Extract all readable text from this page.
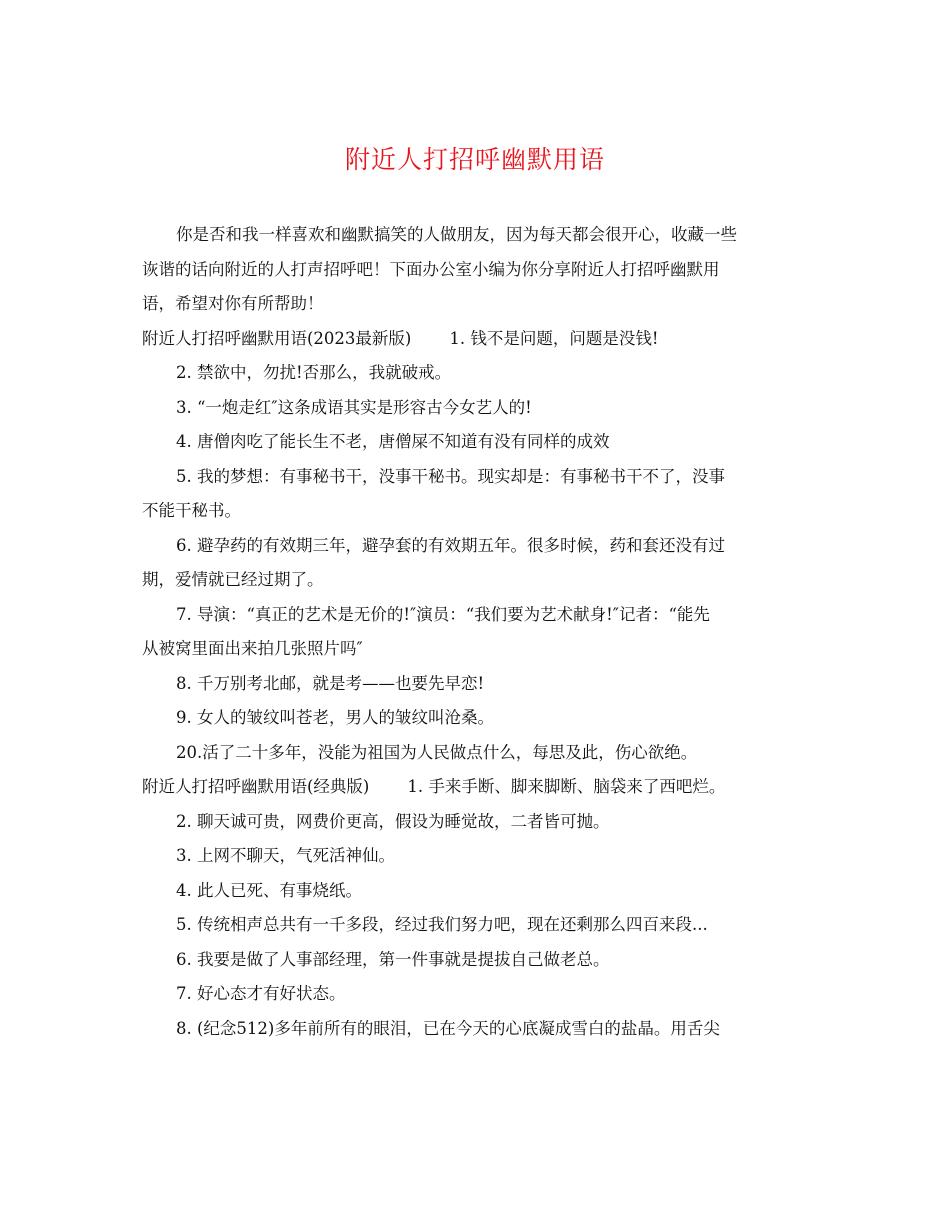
附近人打招呼幽默用语
你是否和我一样喜欢和幽默搞笑的人做朋友，因为每天都会很开心，收藏一些
诙谐的话向附近的人打声招呼吧！下面办公室小编为你分享附近人打招呼幽默用
语，希望对你有所帮助！
附近人打招呼幽默用语(2023最新版) 1. 钱不是问题，问题是没钱!
2. 禁欲中，勿扰!否那么，我就破戒。
3. “一炮走红″这条成语其实是形容古今女艺人的!
4. 唐僧肉吃了能长生不老，唐僧屎不知道有没有同样的成效
5. 我的梦想：有事秘书干，没事干秘书。现实却是：有事秘书干不了，没事
不能干秘书。
6. 避孕药的有效期三年，避孕套的有效期五年。很多时候，药和套还没有过
期，爱情就已经过期了。
7. 导演：“真正的艺术是无价的!″演员：“我们要为艺术献身!″记者：“能先
从被窝里面出来拍几张照片吗″
8. 千万别考北邮，就是考——也要先早恋!
9. 女人的皱纹叫苍老，男人的皱纹叫沧桑。
20.活了二十多年，没能为祖国为人民做点什么，每思及此，伤心欲绝。
附近人打招呼幽默用语(经典版) 1. 手来手断、脚来脚断、脑袋来了西吧烂。
2. 聊天诚可贵，网费价更高，假设为睡觉故，二者皆可抛。
3. 上网不聊天，气死活神仙。
4. 此人已死、有事烧纸。
5. 传统相声总共有一千多段，经过我们努力吧，现在还剩那么四百来段...
6. 我要是做了人事部经理，第一件事就是提拔自己做老总。
7. 好心态才有好状态。
8. (纪念512)多年前所有的眼泪，已在今天的心底凝成雪白的盐晶。用舌尖
